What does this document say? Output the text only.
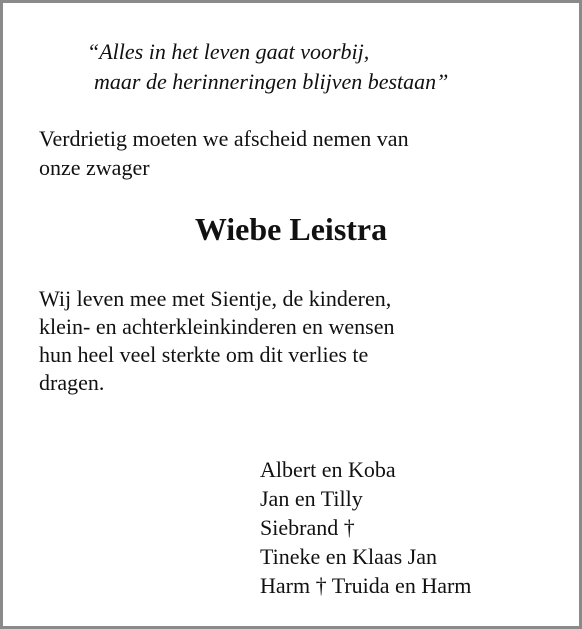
“Alles in het leven gaat voorbij,
maar de herinneringen blijven bestaan”

Verdrietig moeten we afscheid nemen van
onze zwager

Wiebe Leistra

Wij leven mee met Sientje, de kinderen,
klein- en achterkleinkinderen en wensen
hun heel veel sterkte om dit verlies te
dragen.

Albert en Koba
Jan en Tilly
Siebrand †
Tineke en Klaas Jan
Harm † Truida en Harm
